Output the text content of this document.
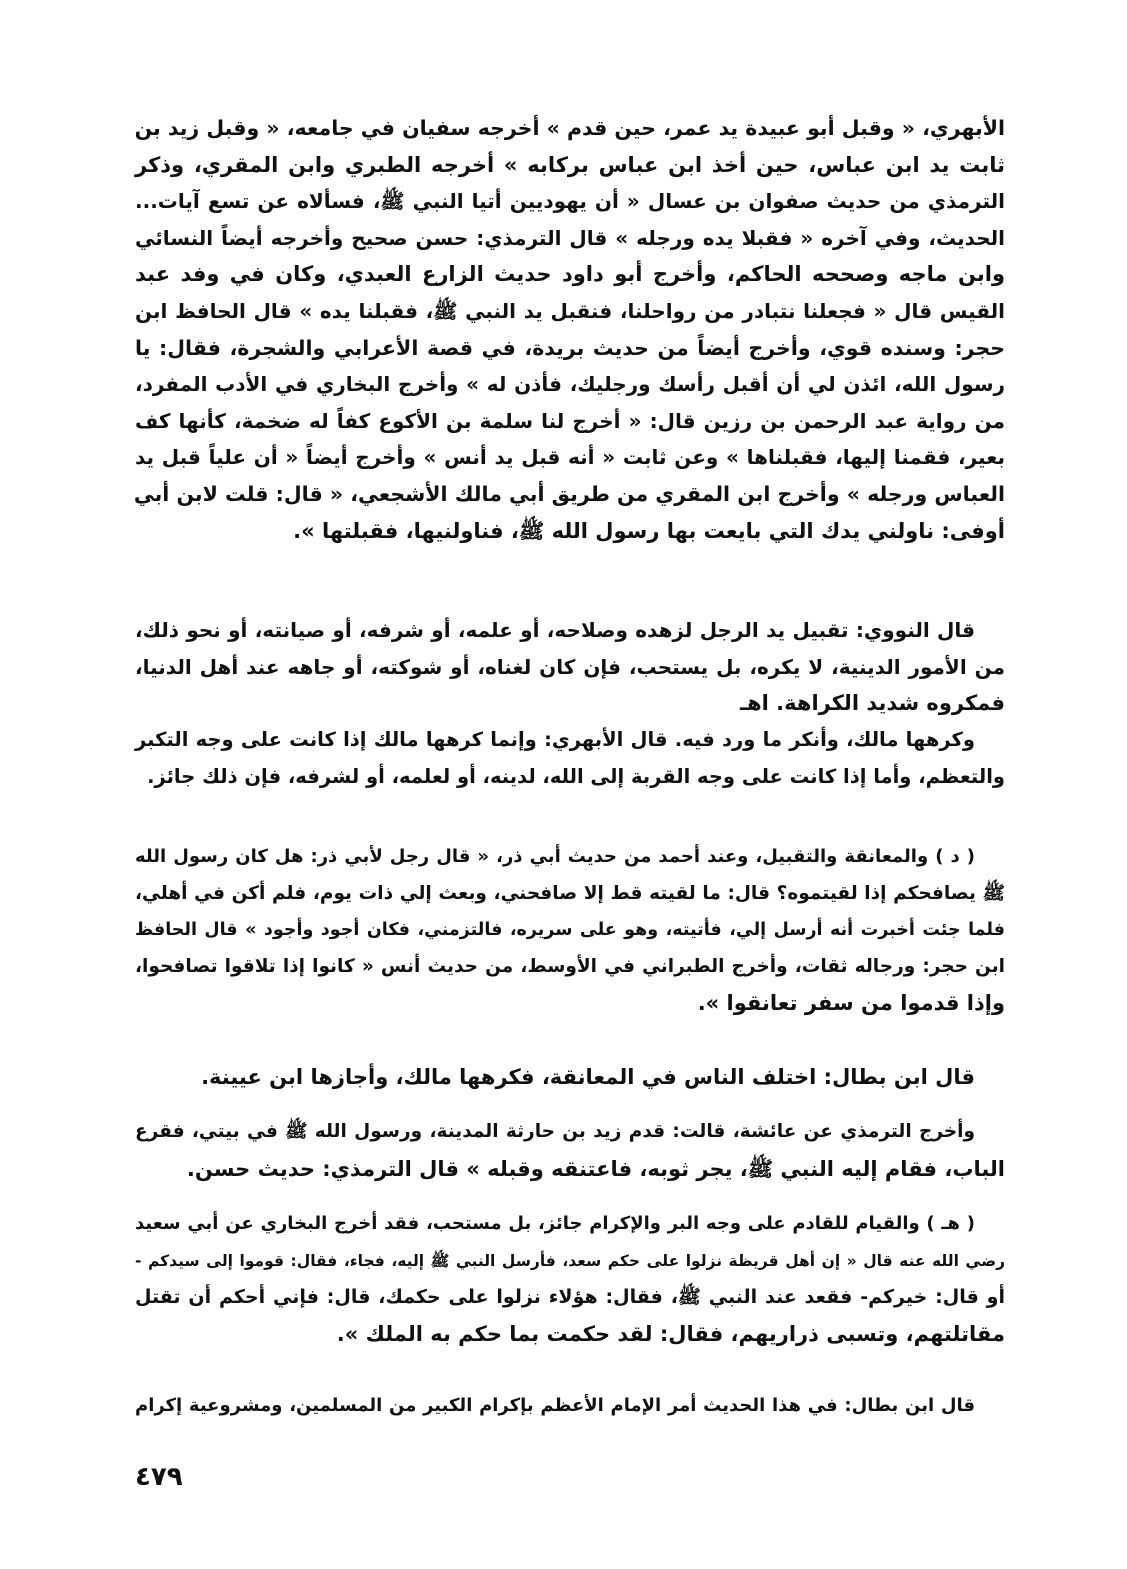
الأبهري، « وقبل أبو عبيدة يد عمر، حين قدم » أخرجه سفيان في جامعه، « وقبل زيد بن
ثابت يد ابن عباس، حين أخذ ابن عباس بركابه » أخرجه الطبري وابن المقري، وذكر
الترمذي من حديث صفوان بن عسال « أن يهوديين أتيا النبي ﷺ، فسألاه عن تسع آيات...
الحديث، وفي آخره « فقبلا يده ورجله » قال الترمذي: حسن صحيح وأخرجه أيضاً النسائي
وابن ماجه وصححه الحاكم، وأخرج أبو داود حديث الزارع العبدي، وكان في وفد عبد
القيس قال « فجعلنا نتبادر من رواحلنا، فنقبل يد النبي ﷺ، فقبلنا يده » قال الحافظ ابن
حجر: وسنده قوي، وأخرج أيضاً من حديث بريدة، في قصة الأعرابي والشجرة، فقال: يا
رسول الله، ائذن لي أن أقبل رأسك ورجليك، فأذن له » وأخرج البخاري في الأدب المفرد،
من رواية عبد الرحمن بن رزين قال: « أخرج لنا سلمة بن الأكوع كفاً له ضخمة، كأنها كف
بعير، فقمنا إليها، فقبلناها » وعن ثابت « أنه قبل يد أنس » وأخرج أيضاً « أن علياً قبل يد
العباس ورجله » وأخرج ابن المقري من طريق أبي مالك الأشجعي، « قال: قلت لابن أبي
أوفى: ناولني يدك التي بايعت بها رسول الله ﷺ، فناولنيها، فقبلتها ».
قال النووي: تقبيل يد الرجل لزهده وصلاحه، أو علمه، أو شرفه، أو صيانته، أو نحو ذلك،
من الأمور الدينية، لا يكره، بل يستحب، فإن كان لغناه، أو شوكته، أو جاهه عند أهل الدنيا،
فمكروه شديد الكراهة. اهـ
وكرهها مالك، وأنكر ما ورد فيه. قال الأبهري: وإنما كرهها مالك إذا كانت على وجه التكبر
والتعظم، وأما إذا كانت على وجه القربة إلى الله، لدينه، أو لعلمه، أو لشرفه، فإن ذلك جائز.
( د ) والمعانقة والتقبيل، وعند أحمد من حديث أبي ذر، « قال رجل لأبي ذر: هل كان رسول الله
ﷺ يصافحكم إذا لقيتموه؟ قال: ما لقيته قط إلا صافحني، وبعث إلي ذات يوم، فلم أكن في أهلي،
فلما جئت أخبرت أنه أرسل إلي، فأتيته، وهو على سريره، فالتزمني، فكان أجود وأجود » قال الحافظ
ابن حجر: ورجاله ثقات، وأخرج الطبراني في الأوسط، من حديث أنس « كانوا إذا تلاقوا تصافحوا،
وإذا قدموا من سفر تعانقوا ».
قال ابن بطال: اختلف الناس في المعانقة، فكرهها مالك، وأجازها ابن عيينة.
وأخرج الترمذي عن عائشة، قالت: قدم زيد بن حارثة المدينة، ورسول الله ﷺ في بيتي، فقرع
الباب، فقام إليه النبي ﷺ، يجر ثوبه، فاعتنقه وقبله » قال الترمذي: حديث حسن.
( هـ ) والقيام للقادم على وجه البر والإكرام جائز، بل مستحب، فقد أخرج البخاري عن أبي سعيد
رضي الله عنه قال « إن أهل قريظة نزلوا على حكم سعد، فأرسل النبي ﷺ إليه، فجاء، فقال: قوموا إلى سيدكم -
أو قال: خيركم- فقعد عند النبي ﷺ، فقال: هؤلاء نزلوا على حكمك، قال: فإني أحكم أن تقتل
مقاتلتهم، وتسبى ذراريهم، فقال: لقد حكمت بما حكم به الملك ».
قال ابن بطال: في هذا الحديث أمر الإمام الأعظم بإكرام الكبير من المسلمين، ومشروعية إكرام
٤٧٩
